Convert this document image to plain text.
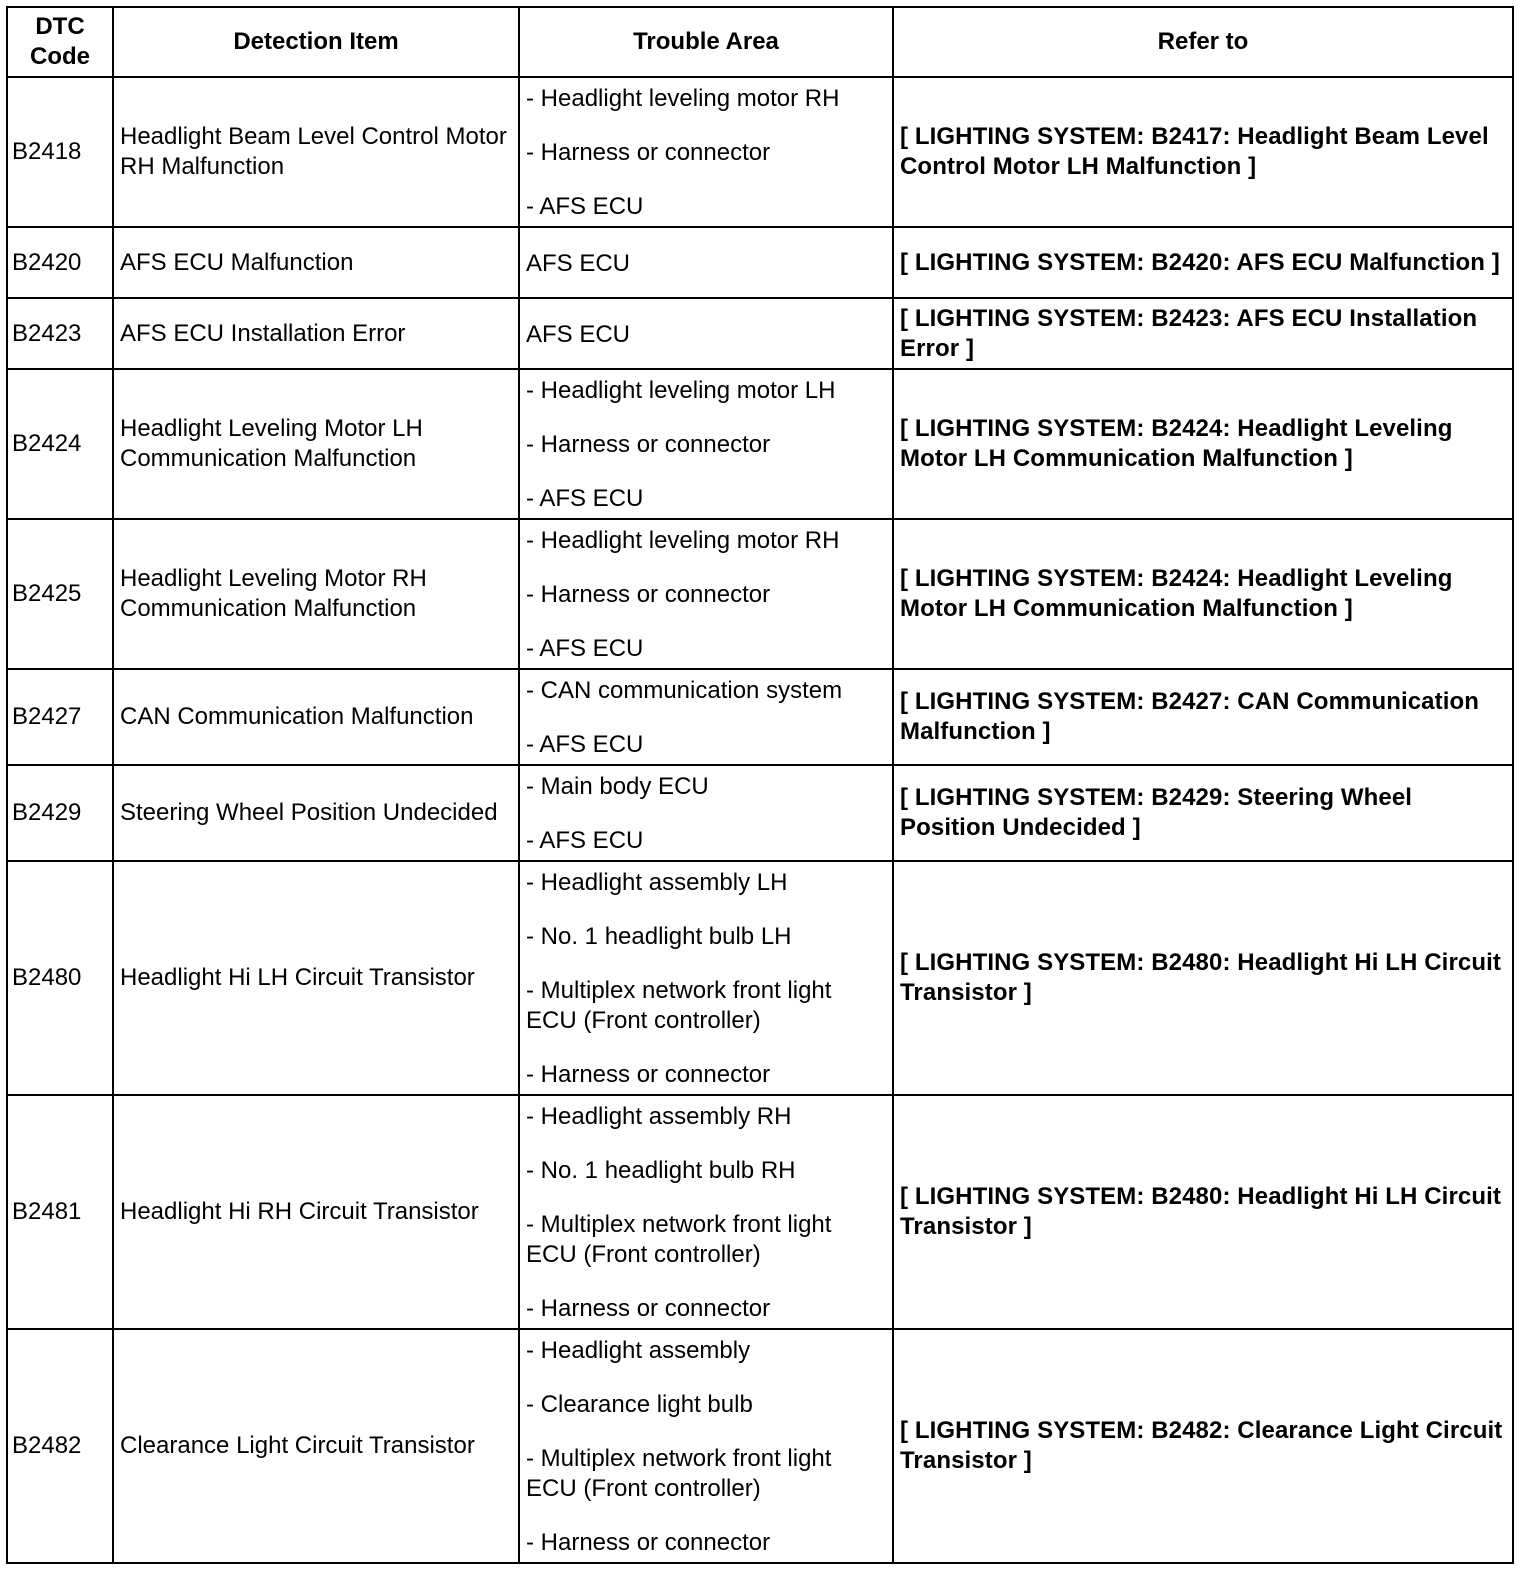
DTC Code	Detection Item	Trouble Area	Refer to
B2418	Headlight Beam Level Control Motor RH Malfunction	- Headlight leveling motor RH
- Harness or connector
- AFS ECU	[ LIGHTING SYSTEM: B2417: Headlight Beam Level Control Motor LH Malfunction ]
B2420	AFS ECU Malfunction	AFS ECU	[ LIGHTING SYSTEM: B2420: AFS ECU Malfunction ]
B2423	AFS ECU Installation Error	AFS ECU	[ LIGHTING SYSTEM: B2423: AFS ECU Installation Error ]
B2424	Headlight Leveling Motor LH Communication Malfunction	- Headlight leveling motor LH
- Harness or connector
- AFS ECU	[ LIGHTING SYSTEM: B2424: Headlight Leveling Motor LH Communication Malfunction ]
B2425	Headlight Leveling Motor RH Communication Malfunction	- Headlight leveling motor RH
- Harness or connector
- AFS ECU	[ LIGHTING SYSTEM: B2424: Headlight Leveling Motor LH Communication Malfunction ]
B2427	CAN Communication Malfunction	- CAN communication system
- AFS ECU	[ LIGHTING SYSTEM: B2427: CAN Communication Malfunction ]
B2429	Steering Wheel Position Undecided	- Main body ECU
- AFS ECU	[ LIGHTING SYSTEM: B2429: Steering Wheel Position Undecided ]
B2480	Headlight Hi LH Circuit Transistor	- Headlight assembly LH
- No. 1 headlight bulb LH
- Multiplex network front light ECU (Front controller)
- Harness or connector	[ LIGHTING SYSTEM: B2480: Headlight Hi LH Circuit Transistor ]
B2481	Headlight Hi RH Circuit Transistor	- Headlight assembly RH
- No. 1 headlight bulb RH
- Multiplex network front light ECU (Front controller)
- Harness or connector	[ LIGHTING SYSTEM: B2480: Headlight Hi LH Circuit Transistor ]
B2482	Clearance Light Circuit Transistor	- Headlight assembly
- Clearance light bulb
- Multiplex network front light ECU (Front controller)
- Harness or connector	[ LIGHTING SYSTEM: B2482: Clearance Light Circuit Transistor ]
